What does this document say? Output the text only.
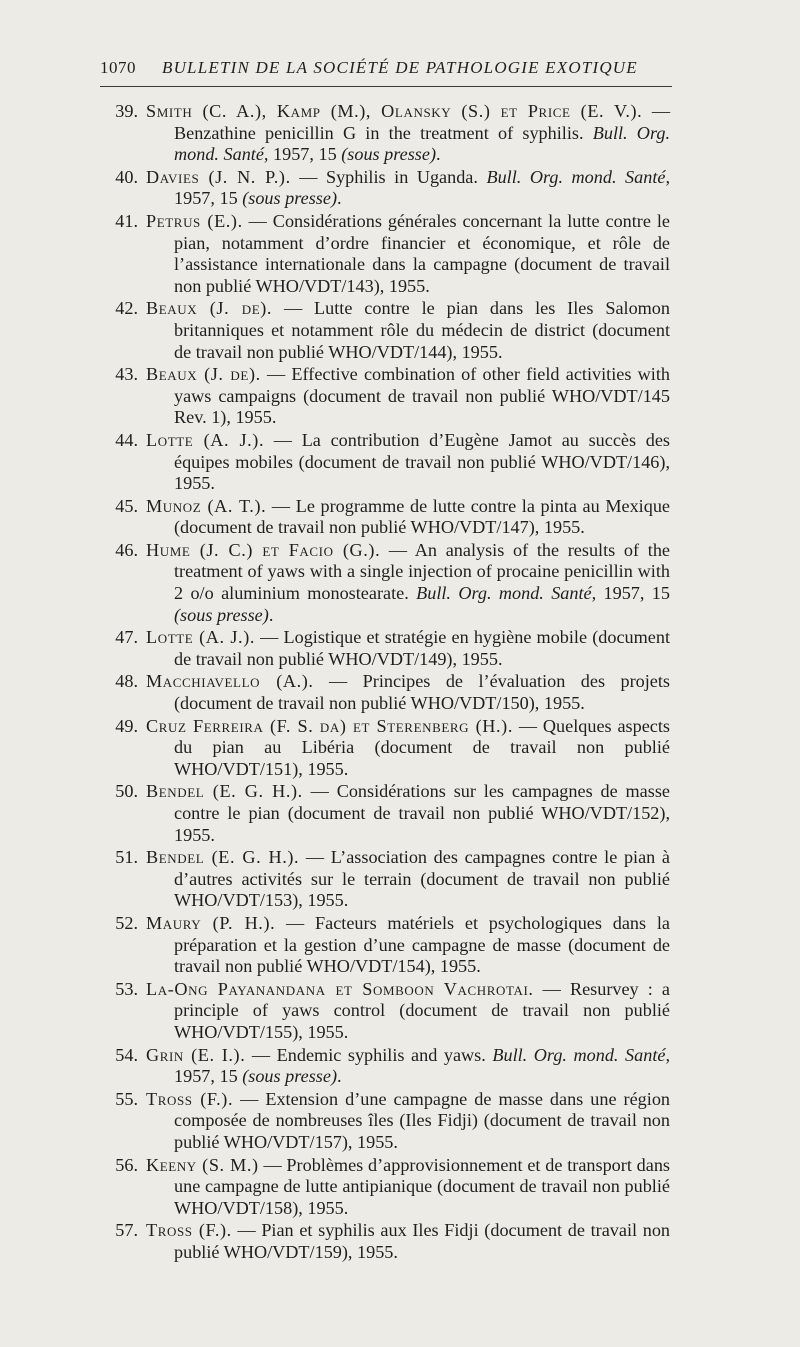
1070 BULLETIN DE LA SOCIÉTÉ DE PATHOLOGIE EXOTIQUE
39. Smith (C. A.), Kamp (M.), Olansky (S.) et Price (E. V.). — Benzathine penicillin G in the treatment of syphilis. Bull. Org. mond. Santé, 1957, 15 (sous presse).
40. Davies (J. N. P.). — Syphilis in Uganda. Bull. Org. mond. Santé, 1957, 15 (sous presse).
41. Petrus (E.). — Considérations générales concernant la lutte contre le pian, notamment d’ordre financier et économique, et rôle de l’assistance internationale dans la campagne (document de travail non publié WHO/VDT/143), 1955.
42. Beaux (J. de). — Lutte contre le pian dans les Iles Salomon britanniques et notamment rôle du médecin de district (document de travail non publié WHO/VDT/144), 1955.
43. Beaux (J. de). — Effective combination of other field activities with yaws campaigns (document de travail non publié WHO/VDT/145 Rev. 1), 1955.
44. Lotte (A. J.). — La contribution d’Eugène Jamot au succès des équipes mobiles (document de travail non publié WHO/VDT/146), 1955.
45. Munoz (A. T.). — Le programme de lutte contre la pinta au Mexique (document de travail non publié WHO/VDT/147), 1955.
46. Hume (J. C.) et Facio (G.). — An analysis of the results of the treatment of yaws with a single injection of procaine penicillin with 2 o/o aluminium monostearate. Bull. Org. mond. Santé, 1957, 15 (sous presse).
47. Lotte (A. J.). — Logistique et stratégie en hygiène mobile (document de travail non publié WHO/VDT/149), 1955.
48. Macchiavello (A.). — Principes de l’évaluation des projets (document de travail non publié WHO/VDT/150), 1955.
49. Cruz Ferreira (F. S. da) et Sterenberg (H.). — Quelques aspects du pian au Libéria (document de travail non publié WHO/VDT/151), 1955.
50. Bendel (E. G. H.). — Considérations sur les campagnes de masse contre le pian (document de travail non publié WHO/VDT/152), 1955.
51. Bendel (E. G. H.). — L’association des campagnes contre le pian à d’autres activités sur le terrain (document de travail non publié WHO/VDT/153), 1955.
52. Maury (P. H.). — Facteurs matériels et psychologiques dans la préparation et la gestion d’une campagne de masse (document de travail non publié WHO/VDT/154), 1955.
53. La-Ong Payanandana et Somboon Vachrotai. — Resurvey : a principle of yaws control (document de travail non publié WHO/VDT/155), 1955.
54. Grin (E. I.). — Endemic syphilis and yaws. Bull. Org. mond. Santé, 1957, 15 (sous presse).
55. Tross (F.). — Extension d’une campagne de masse dans une région composée de nombreuses îles (Iles Fidji) (document de travail non publié WHO/VDT/157), 1955.
56. Keeny (S. M.) — Problèmes d’approvisionnement et de transport dans une campagne de lutte antipianique (document de travail non publié WHO/VDT/158), 1955.
57. Tross (F.). — Pian et syphilis aux Iles Fidji (document de travail non publié WHO/VDT/159), 1955.
